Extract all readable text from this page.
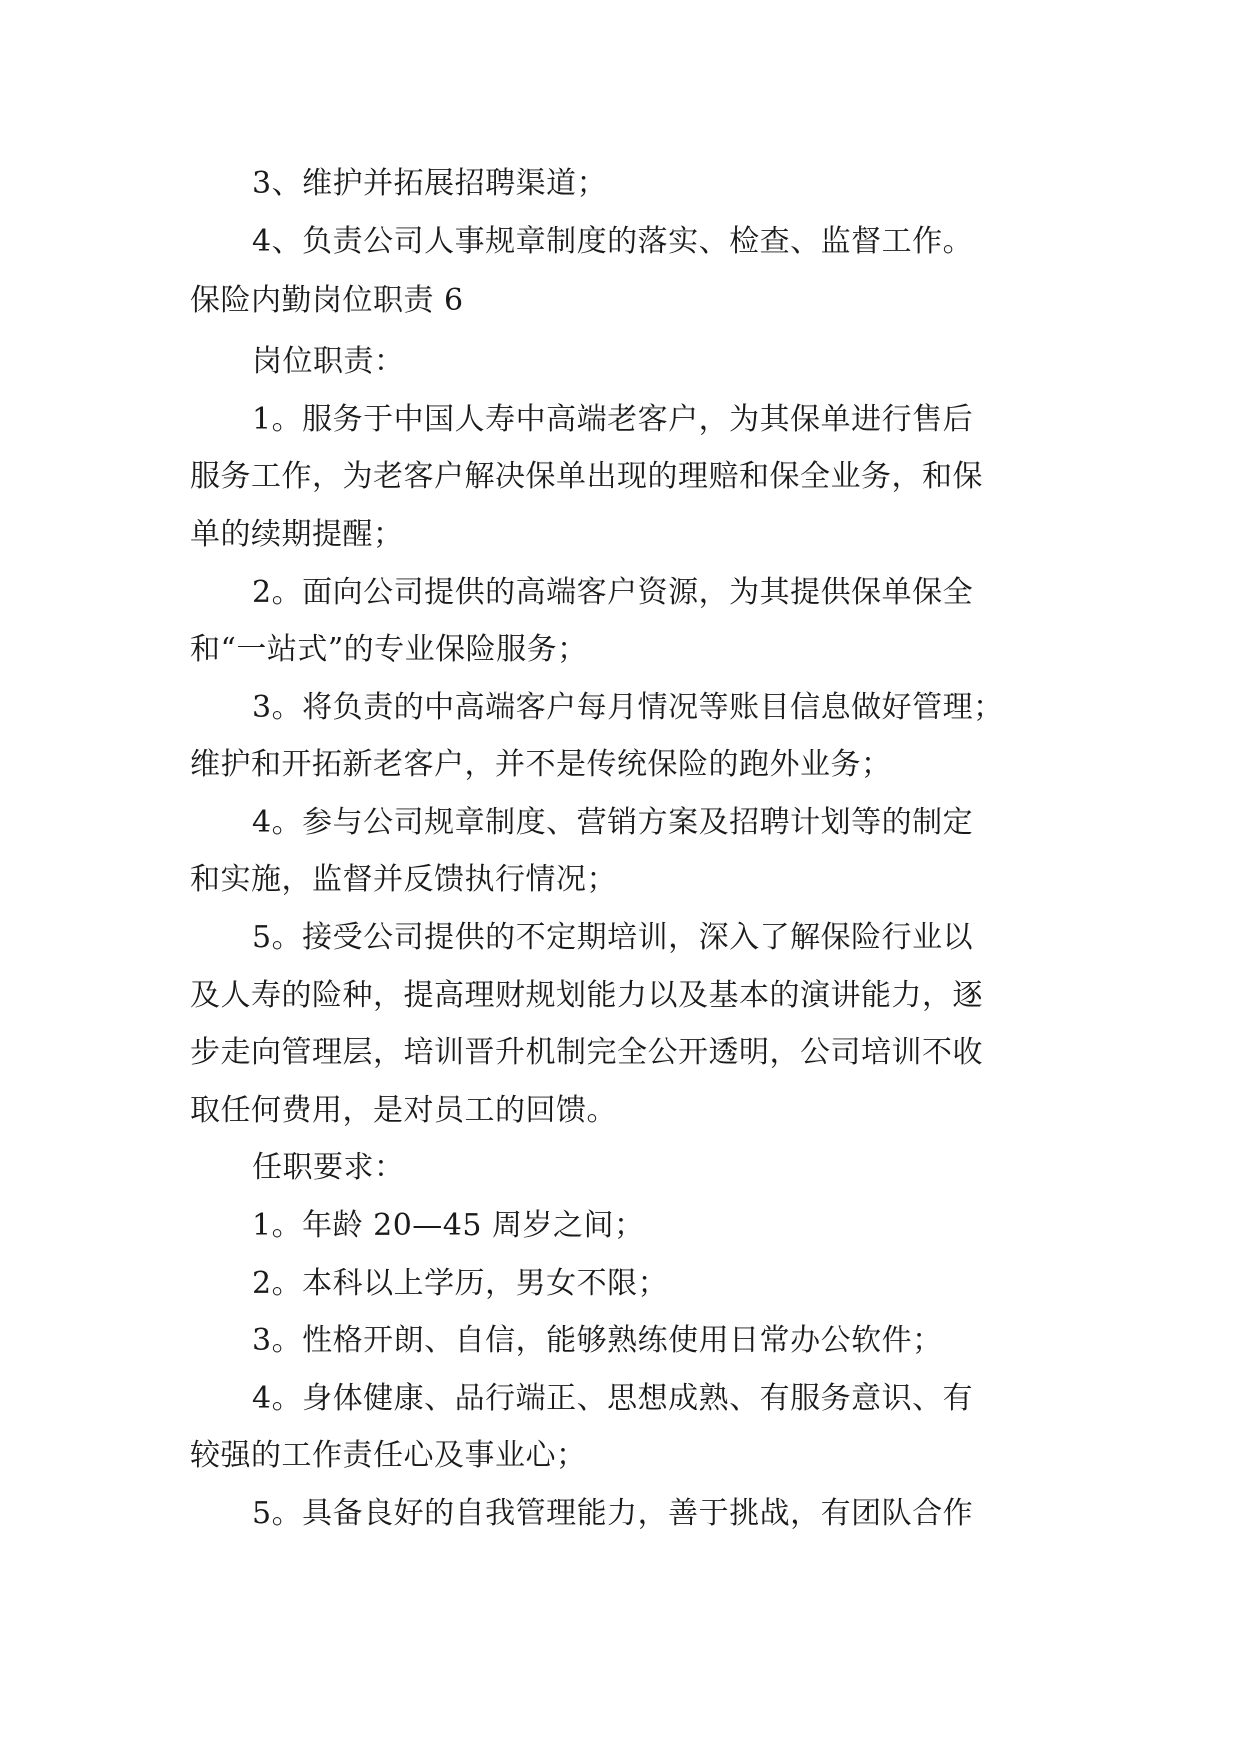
3、维护并拓展招聘渠道；
4、负责公司人事规章制度的落实、检查、监督工作。
保险内勤岗位职责 6
岗位职责：
1。服务于中国人寿中高端老客户，为其保单进行售后
服务工作，为老客户解决保单出现的理赔和保全业务，和保
单的续期提醒；
2。面向公司提供的高端客户资源，为其提供保单保全
和“一站式”的专业保险服务；
3。将负责的中高端客户每月情况等账目信息做好管理；
维护和开拓新老客户，并不是传统保险的跑外业务；
4。参与公司规章制度、营销方案及招聘计划等的制定
和实施，监督并反馈执行情况；
5。接受公司提供的不定期培训，深入了解保险行业以
及人寿的险种，提高理财规划能力以及基本的演讲能力，逐
步走向管理层，培训晋升机制完全公开透明，公司培训不收
取任何费用，是对员工的回馈。
任职要求：
1。年龄 20—45 周岁之间；
2。本科以上学历，男女不限；
3。性格开朗、自信，能够熟练使用日常办公软件；
4。身体健康、品行端正、思想成熟、有服务意识、有
较强的工作责任心及事业心；
5。具备良好的自我管理能力，善于挑战，有团队合作
